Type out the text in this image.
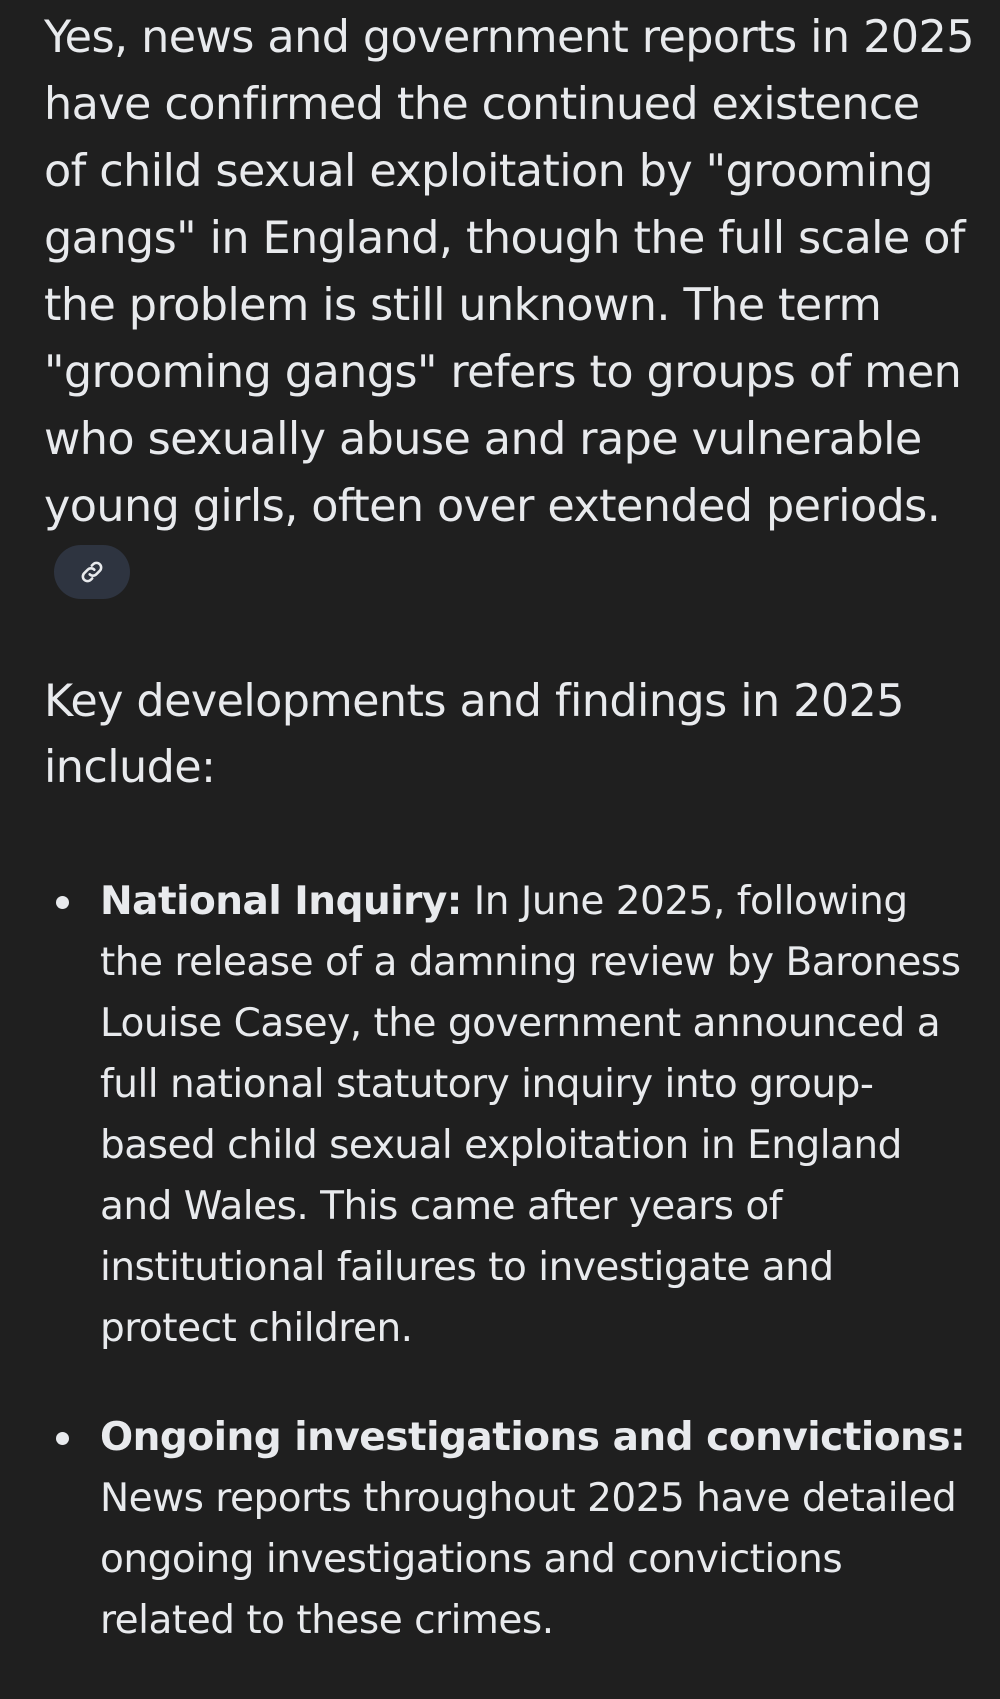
Yes, news and government reports in 2025 have confirmed the continued existence of child sexual exploitation by "grooming gangs" in England, though the full scale of the problem is still unknown. The term "grooming gangs" refers to groups of men who sexually abuse and rape vulnerable young girls, often over extended periods.

Key developments and findings in 2025 include:

National Inquiry: In June 2025, following the release of a damning review by Baroness Louise Casey, the government announced a full national statutory inquiry into group-based child sexual exploitation in England and Wales. This came after years of institutional failures to investigate and protect children.
Ongoing investigations and convictions: News reports throughout 2025 have detailed ongoing investigations and convictions related to these crimes.
